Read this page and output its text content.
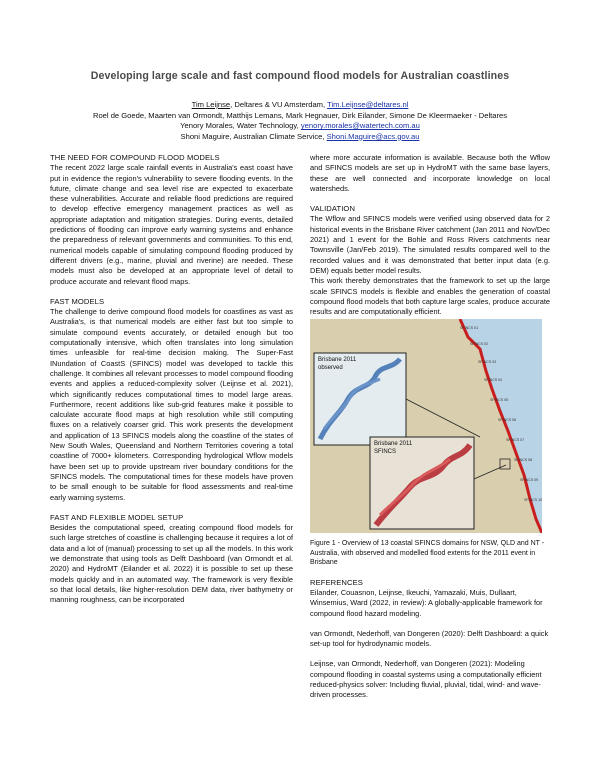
Developing large scale and fast compound flood models for Australian coastlines
Tim Leijnse, Deltares & VU Amsterdam, Tim.Leijnse@deltares.nl
Roel de Goede, Maarten van Ormondt, Matthijs Lemans, Mark Hegnauer, Dirk Eilander, Simone De Kleermaeker - Deltares
Yenory Morales, Water Technology, yenory.morales@watertech.com.au
Shoni Maguire, Australian Climate Service, Shoni.Maguire@acs.gov.au
THE NEED FOR COMPOUND FLOOD MODELS

The recent 2022 large scale rainfall events in Australia's east coast have put in evidence the region's vulnerability to severe flooding events. In the future, climate change and sea level rise are expected to exacerbate these vulnerabilities. Accurate and reliable flood predictions are required to develop effective emergency management practices as well as appropriate adaptation and mitigation strategies. During events, detailed predictions of flooding can improve early warning systems and enhance the preparedness of relevant governments and communities. To this end, numerical models capable of simulating compound flooding produced by different drivers (e.g., marine, pluvial and riverine) are needed. These models must also be developed at an appropriate level of detail to produce accurate and relevant flood maps.

FAST MODELS

The challenge to derive compound flood models for coastlines as vast as Australia's, is that numerical models are either fast but too simple to simulate compound events accurately, or detailed enough but too computationally intensive, which often translates into long simulation times unfeasible for real-time decision making. The Super-Fast INundation of CoastS (SFINCS) model was developed to tackle this challenge. It combines all relevant processes to model compound flooding events and applies a reduced-complexity solver (Leijnse et al. 2021), which significantly reduces computational times to model large areas. Furthermore, recent additions like sub-grid features make it possible to calculate accurate flood maps at high resolution while still computing fluxes on a relatively coarser grid. This work presents the development and application of 13 SFINCS models along the coastline of the states of New South Wales, Queensland and Northern Territories covering a total coastline of 7000+ kilometers. Corresponding hydrological Wflow models have been set up to provide upstream river boundary conditions for the SFINCS models. The computational times for these models have proven to be small enough to be suitable for flood assessments and real-time early warning systems.

FAST AND FLEXIBLE MODEL SETUP

Besides the computational speed, creating compound flood models for such large stretches of coastline is challenging because it requires a lot of data and a lot of (manual) processing to set up all the models. In this work we demonstrate that using tools as Delft Dashboard (van Ormondt et al. 2020) and HydroMT (Eilander et al. 2022) it is possible to set up these models quickly and in an automated way. The framework is very flexible so that local details, like higher-resolution DEM data, river bathymetry or manning roughness, can be incorporated

where more accurate information is available. Because both the Wflow and SFINCS models are set up in HydroMT with the same base layers, these are well connected and incorporate knowledge on local watersheds.

VALIDATION

The Wflow and SFINCS models were verified using observed data for 2 historical events in the Brisbane River catchment (Jan 2011 and Nov/Dec 2021) and 1 event for the Bohle and Ross Rivers catchments near Townsville (Jan/Feb 2019). The simulated results compared well to the recorded values and it was demonstrated that better input data (e.g. DEM) equals better model results.

This work thereby demonstrates that the framework to set up the large scale SFINCS models is flexible and enables the generation of coastal compound flood models that both capture large scales, produce accurate results and are computationally efficient.

SFINCS 01
SFINCS 02
SFINCS 03
SFINCS 04
SFINCS 05
SFINCS 06
SFINCS 07
SFINCS 08
SFINCS 09
SFINCS 10
Brisbane 2011
observed
Brisbane 2011
SFINCS
Figure 1 - Overview of 13 coastal SFINCS domains for NSW, QLD and NT - Australia, with observed and modelled flood extents for the 2011 event in Brisbane
REFERENCES

Eilander, Couasnon, Leijnse, Ikeuchi, Yamazaki, Muis, Dullaart, Winsemius, Ward (2022, in review): A globally-applicable framework for compound flood hazard modeling.

van Ormondt, Nederhoff, van Dongeren (2020): Delft Dashboard: a quick set-up tool for hydrodynamic models.

Leijnse, van Ormondt, Nederhoff, van Dongeren (2021): Modeling compound flooding in coastal systems using a computationally efficient reduced-physics solver: Including fluvial, pluvial, tidal, wind- and wave-driven processes.
